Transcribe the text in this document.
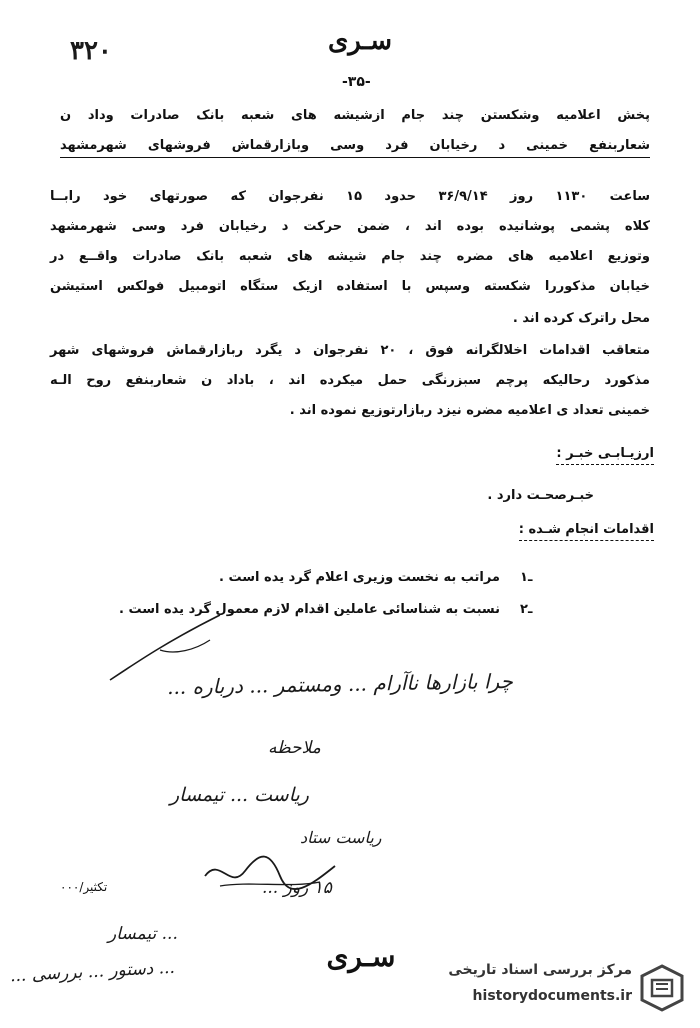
۳۲۰	سـری
-۳۵-
پخش اعلامیه وشکستن چند جام ازشیشه های شعبه بانک صادرات وداد ن
شعاربنفع خمینی د رخیابان فرد وسی وبازارقماش فروشهای شهرمشهد
ساعت ۱۱۳۰ روز ۳۶/۹/۱۴ حدود ۱۵ نفرجوان که صورتهای خود رابــا
کلاه پشمی پوشانیده بوده اند ، ضمن حرکت د رخیابان فرد وسی شهرمشهد
وتوزیع اعلامیه های مضره چند جام شیشه های شعبه بانک صادرات واقــع در
خیابان مذکوررا شکسته وسپس با استفاده ازیک ستگاه اتومبیل فولکس استیشن
محل راترک کرده اند .
متعاقب اقدامات اخلالگرانه فوق ، ۲۰ نفرجوان د یگرد ربازارقماش فروشهای شهر
مذکورد رحالیکه پرچم سبزرنگی حمل میکرده اند ، باداد ن شعاربنفع روح الـه
خمینی تعداد ی اعلامیه مضره نیزد ربازارتوزیع نموده اند .
ارزیـابـی خبـر :
خبـرصحـت دارد .
اقدامات انجام شـده :
مراتب به نخست وزیری اعلام گرد یده است . ۱ـ
نسبت به شناسائی عاملین اقدام لازم معمول گرد یده است . ۲ـ
چرا بازارها ناآرام ... ومستمر ... درباره ...
ملاحظه
ریاست ... تیمسار
ریاست ستاد
۱۵ روز ...
تکثیر/۰۰۰
... تیمسار
... دستور ... بررسی ...	سـری	مرکز بررسی اسناد تاریخی
historydocuments.ir
